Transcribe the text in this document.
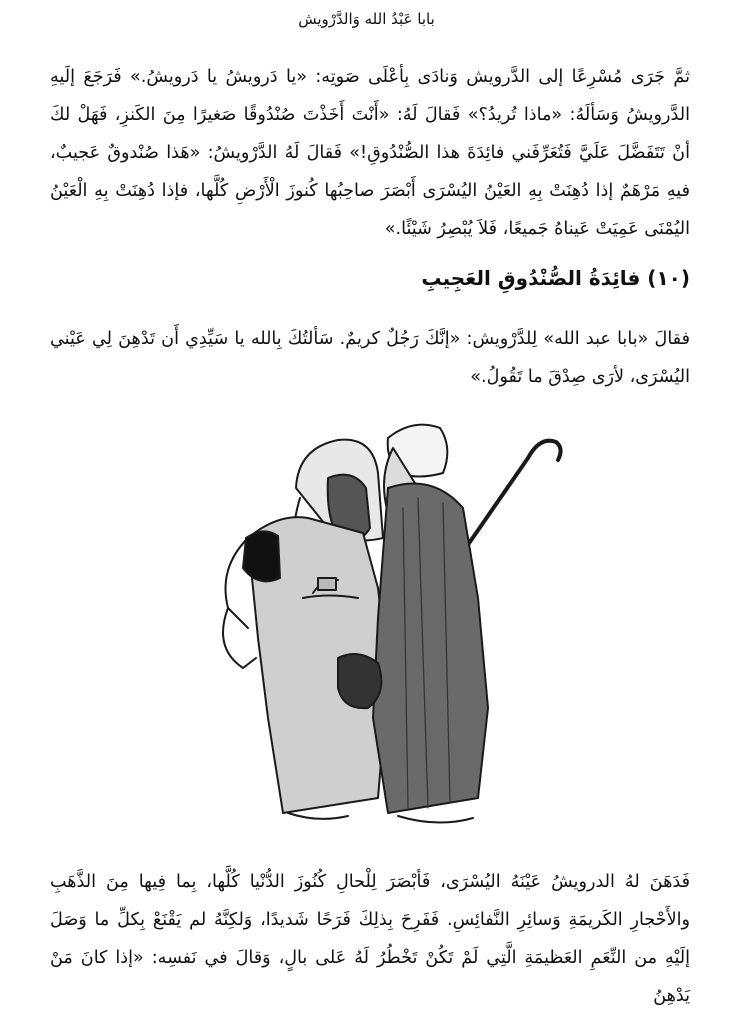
بابا عَبْدُ الله وَالدَّرْويش

ثمَّ جَرَى مُسْرِعًا إلى الدَّرويش وَنادَى بِأعْلَى صَوتِه: «يا دَرويشُ يا دَرويشُ.» فَرَجَعَ إلَيهِ الدَّرويشُ وَسَألَهُ: «ماذا تُريدُ؟» فَقالَ لَهُ: «أَنْتَ أَخَذْتَ صُنْدُوقًا صَغيرًا مِنَ الكَنزِ، فَهَلْ لكَ أنْ تَتَفَضَّلَ عَلَيَّ فَتُعَرِّفَني فائِدَةَ هذا الصُّنْدُوقِ!» فَقالَ لَهُ الدَّرْويشُ: «هَذا صُنْدوقٌ عَجيبٌ، فيهِ مَرْهَمٌ إذا دُهِنَتْ بِهِ العَيْنُ اليُسْرَى أَبْصَرَ صاحِبُها كُنوزَ الْأَرْضِ كُلَّها، فإذا دُهِنَتْ بِهِ الْعَيْنُ اليُمْنَى عَمِيَتْ عَيناهُ جَميعًا، فَلاَ يُبْصِرُ شَيْئًا.»

(١٠) فائِدَةُ الصُّنْدُوقِ العَجِيبِ

فقالَ «بابا عبد الله» لِلدَّرْويش: «إنَّكَ رَجُلٌ كريمٌ. سَألتُكَ بِالله يا سَيِّدِي أَن تَدْهِنَ لِي عَيْني اليُسْرَى، لأرَى صِدْقَ ما تَقُولُ.»

فَدَهَنَ لهُ الدرويشُ عَيْنَهُ اليُسْرَى، فَأبْصَرَ لِلْحالِ كُنُوزَ الدُّنْيا كُلَّها، بِما فِيها مِنَ الذَّهَبِ والأَحْجارِ الكَريمَةِ وَسائِرِ النَّفائِسِ. فَفَرِحَ بِذلِكَ فَرَحًا شَديدًا، وَلكِنَّهُ لم يَقْنَعْ بِكلِّ ما وَصَلَ إلَيْهِ من النِّعَمِ العَظيمَةِ الَّتِي لَمْ تَكُنْ تَخْطُرُ لَهُ عَلى بالٍ، وَقالَ في نَفسِه: «إذا كانَ مَنْ يَدْهِنُ
